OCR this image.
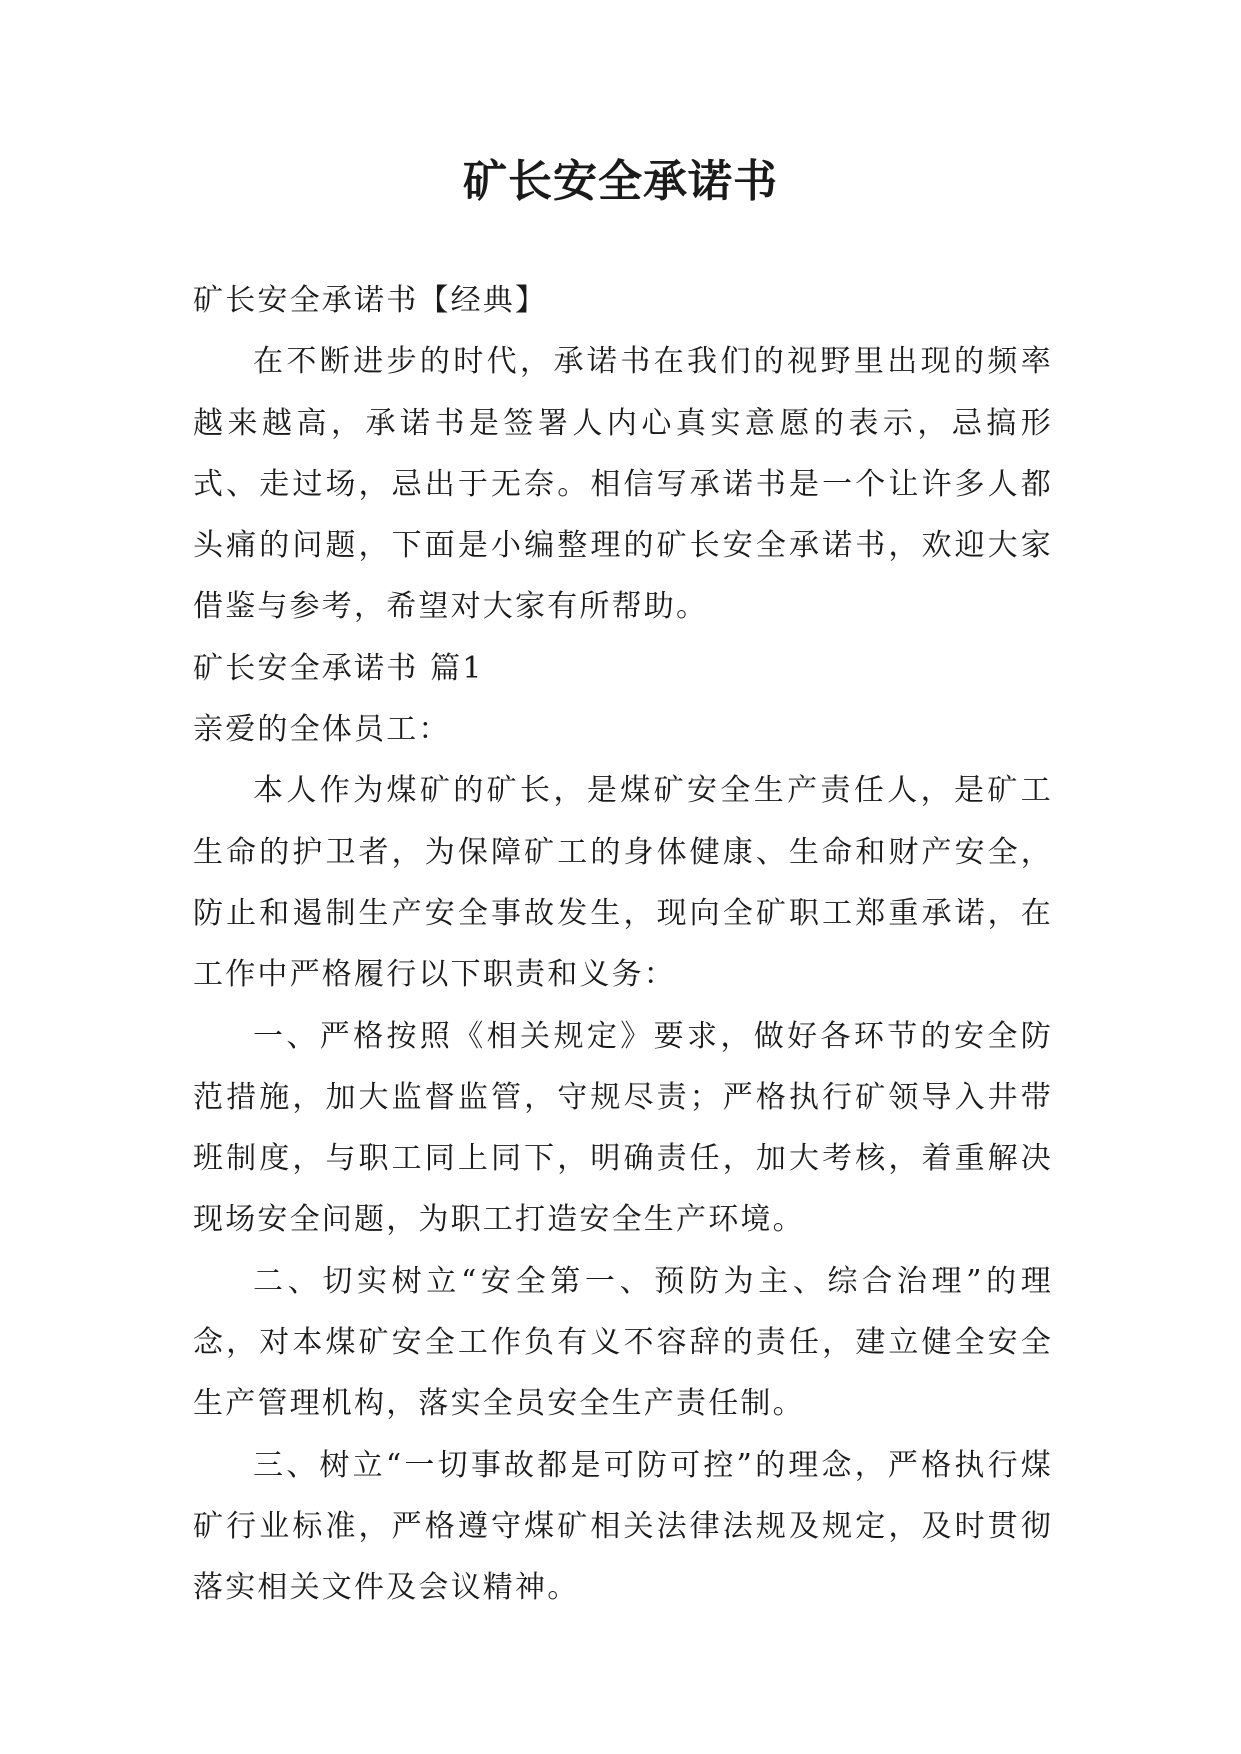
矿长安全承诺书

矿长安全承诺书【经典】

在不断进步的时代，承诺书在我们的视野里出现的频率越来越高，承诺书是签署人内心真实意愿的表示，忌搞形式、走过场，忌出于无奈。相信写承诺书是一个让许多人都头痛的问题，下面是小编整理的矿长安全承诺书，欢迎大家借鉴与参考，希望对大家有所帮助。

矿长安全承诺书 篇1

亲爱的全体员工：

本人作为煤矿的矿长，是煤矿安全生产责任人，是矿工生命的护卫者，为保障矿工的身体健康、生命和财产安全，防止和遏制生产安全事故发生，现向全矿职工郑重承诺，在工作中严格履行以下职责和义务：

一、严格按照《相关规定》要求，做好各环节的安全防范措施，加大监督监管，守规尽责；严格执行矿领导入井带班制度，与职工同上同下，明确责任，加大考核，着重解决现场安全问题，为职工打造安全生产环境。

二、切实树立“安全第一、预防为主、综合治理”的理念，对本煤矿安全工作负有义不容辞的责任，建立健全安全生产管理机构，落实全员安全生产责任制。

三、树立“一切事故都是可防可控”的理念，严格执行煤矿行业标准，严格遵守煤矿相关法律法规及规定，及时贯彻落实相关文件及会议精神。
